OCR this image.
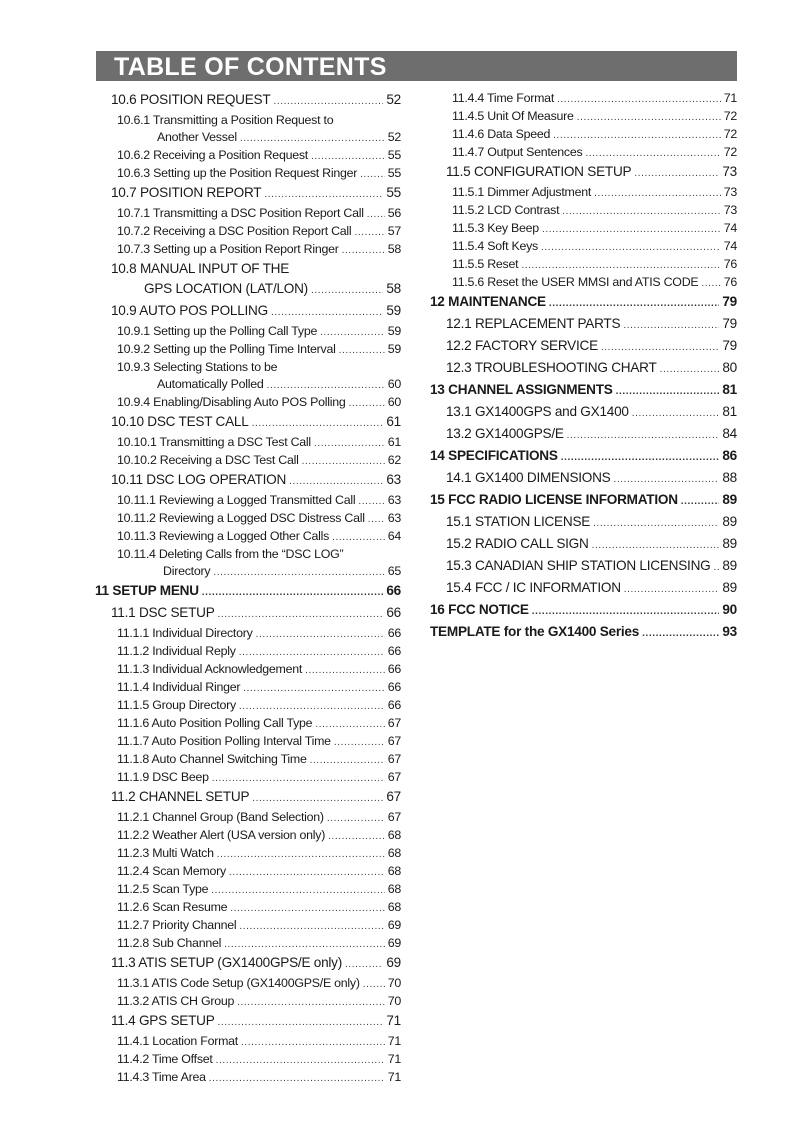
TABLE OF CONTENTS
10.6 POSITION REQUEST .....	52
10.6.1 Transmitting a Position Request to
Another Vessel .....	52
10.6.2 Receiving a Position Request .....	55
10.6.3 Setting up the Position Request Ringer ..... 55
10.7 POSITION REPORT .....	55
10.7.1 Transmitting a DSC Position Report Call ..... 56
10.7.2 Receiving a DSC Position Report Call .....	57
10.7.3 Setting up a Position Report Ringer .....	58
10.8 MANUAL INPUT OF THE
GPS LOCATION (LAT/LON) .....	58
10.9 AUTO POS POLLING .....	59
10.9.1 Setting up the Polling Call Type .....	59
10.9.2 Setting up the Polling Time Interval .....	59
10.9.3 Selecting Stations to be
Automatically Polled .....	60
10.9.4 Enabling/Disabling Auto POS Polling .....	60
10.10 DSC TEST CALL .....	61
10.10.1 Transmitting a DSC Test Call .....	61
10.10.2 Receiving a DSC Test Call .....	62
10.11 DSC LOG OPERATION .....	63
10.11.1 Reviewing a Logged Transmitted Call .....	63
10.11.2 Reviewing a Logged DSC Distress Call ..... 63
10.11.3 Reviewing a Logged Other Calls .....	64
10.11.4 Deleting Calls from the “DSC LOG”
Directory .....	65
11 SETUP MENU .....	66
11.1 DSC SETUP .....	66
11.1.1 Individual Directory .....	66
11.1.2 Individual Reply .....	66
11.1.3 Individual Acknowledgement .....	66
11.1.4 Individual Ringer .....	66
11.1.5 Group Directory .....	66
11.1.6 Auto Position Polling Call Type .....	67
11.1.7 Auto Position Polling Interval Time .....	67
11.1.8 Auto Channel Switching Time .....	67
11.1.9 DSC Beep .....	67
11.2 CHANNEL SETUP .....	67
11.2.1 Channel Group (Band Selection) .....	67
11.2.2 Weather Alert (USA version only) .....	68
11.2.3 Multi Watch .....	68
11.2.4 Scan Memory .....	68
11.2.5 Scan Type .....	68
11.2.6 Scan Resume .....	68
11.2.7 Priority Channel .....	69
11.2.8 Sub Channel .....	69
11.3 ATIS SETUP (GX1400GPS/E only) .....	69
11.3.1 ATIS Code Setup (GX1400GPS/E only) ..... 70
11.3.2 ATIS CH Group .....	70
11.4 GPS SETUP .....	71
11.4.1 Location Format .....	71
11.4.2 Time Offset .....	71
11.4.3 Time Area .....	71
11.4.4 Time Format .....	71
11.4.5 Unit Of Measure .....	72
11.4.6 Data Speed .....	72
11.4.7 Output Sentences .....	72
11.5 CONFIGURATION SETUP .....	73
11.5.1 Dimmer Adjustment .....	73
11.5.2 LCD Contrast .....	73
11.5.3 Key Beep .....	74
11.5.4 Soft Keys .....	74
11.5.5 Reset .....	76
11.5.6 Reset the USER MMSI and ATIS CODE ..... 76
12 MAINTENANCE .....	79
12.1 REPLACEMENT PARTS .....	79
12.2 FACTORY SERVICE .....	79
12.3 TROUBLESHOOTING CHART .....	80
13 CHANNEL ASSIGNMENTS .....	81
13.1 GX1400GPS and GX1400 .....	81
13.2 GX1400GPS/E .....	84
14 SPECIFICATIONS .....	86
14.1 GX1400 DIMENSIONS .....	88
15 FCC RADIO LICENSE INFORMATION .....	89
15.1 STATION LICENSE .....	89
15.2 RADIO CALL SIGN .....	89
15.3 CANADIAN SHIP STATION LICENSING ..... 89
15.4 FCC / IC INFORMATION .....	89
16 FCC NOTICE .....	90
TEMPLATE for the GX1400 Series .....	93
